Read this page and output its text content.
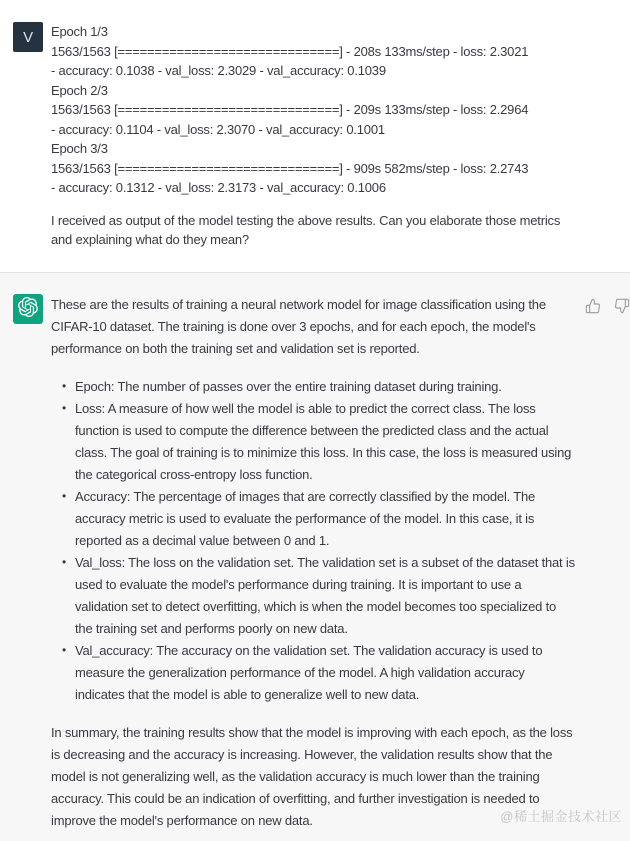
V Epoch 1/3
1563/1563 [==============================] - 208s 133ms/step - loss: 2.3021
- accuracy: 0.1038 - val_loss: 2.3029 - val_accuracy: 0.1039
Epoch 2/3
1563/1563 [==============================] - 209s 133ms/step - loss: 2.2964
- accuracy: 0.1104 - val_loss: 2.3070 - val_accuracy: 0.1001
Epoch 3/3
1563/1563 [==============================] - 909s 582ms/step - loss: 2.2743
- accuracy: 0.1312 - val_loss: 2.3173 - val_accuracy: 0.1006

I received as output of the model testing the above results. Can you elaborate those metrics and explaining what do they mean?

These are the results of training a neural network model for image classification using the CIFAR-10 dataset. The training is done over 3 epochs, and for each epoch, the model's performance on both the training set and validation set is reported.

• Epoch: The number of passes over the entire training dataset during training.
• Loss: A measure of how well the model is able to predict the correct class. The loss function is used to compute the difference between the predicted class and the actual class. The goal of training is to minimize this loss. In this case, the loss is measured using the categorical cross-entropy loss function.
• Accuracy: The percentage of images that are correctly classified by the model. The accuracy metric is used to evaluate the performance of the model. In this case, it is reported as a decimal value between 0 and 1.
• Val_loss: The loss on the validation set. The validation set is a subset of the dataset that is used to evaluate the model's performance during training. It is important to use a validation set to detect overfitting, which is when the model becomes too specialized to the training set and performs poorly on new data.
• Val_accuracy: The accuracy on the validation set. The validation accuracy is used to measure the generalization performance of the model. A high validation accuracy indicates that the model is able to generalize well to new data.

In summary, the training results show that the model is improving with each epoch, as the loss is decreasing and the accuracy is increasing. However, the validation results show that the model is not generalizing well, as the validation accuracy is much lower than the training accuracy. This could be an indication of overfitting, and further investigation is needed to improve the model's performance on new data.	@稀土掘金技术社区
